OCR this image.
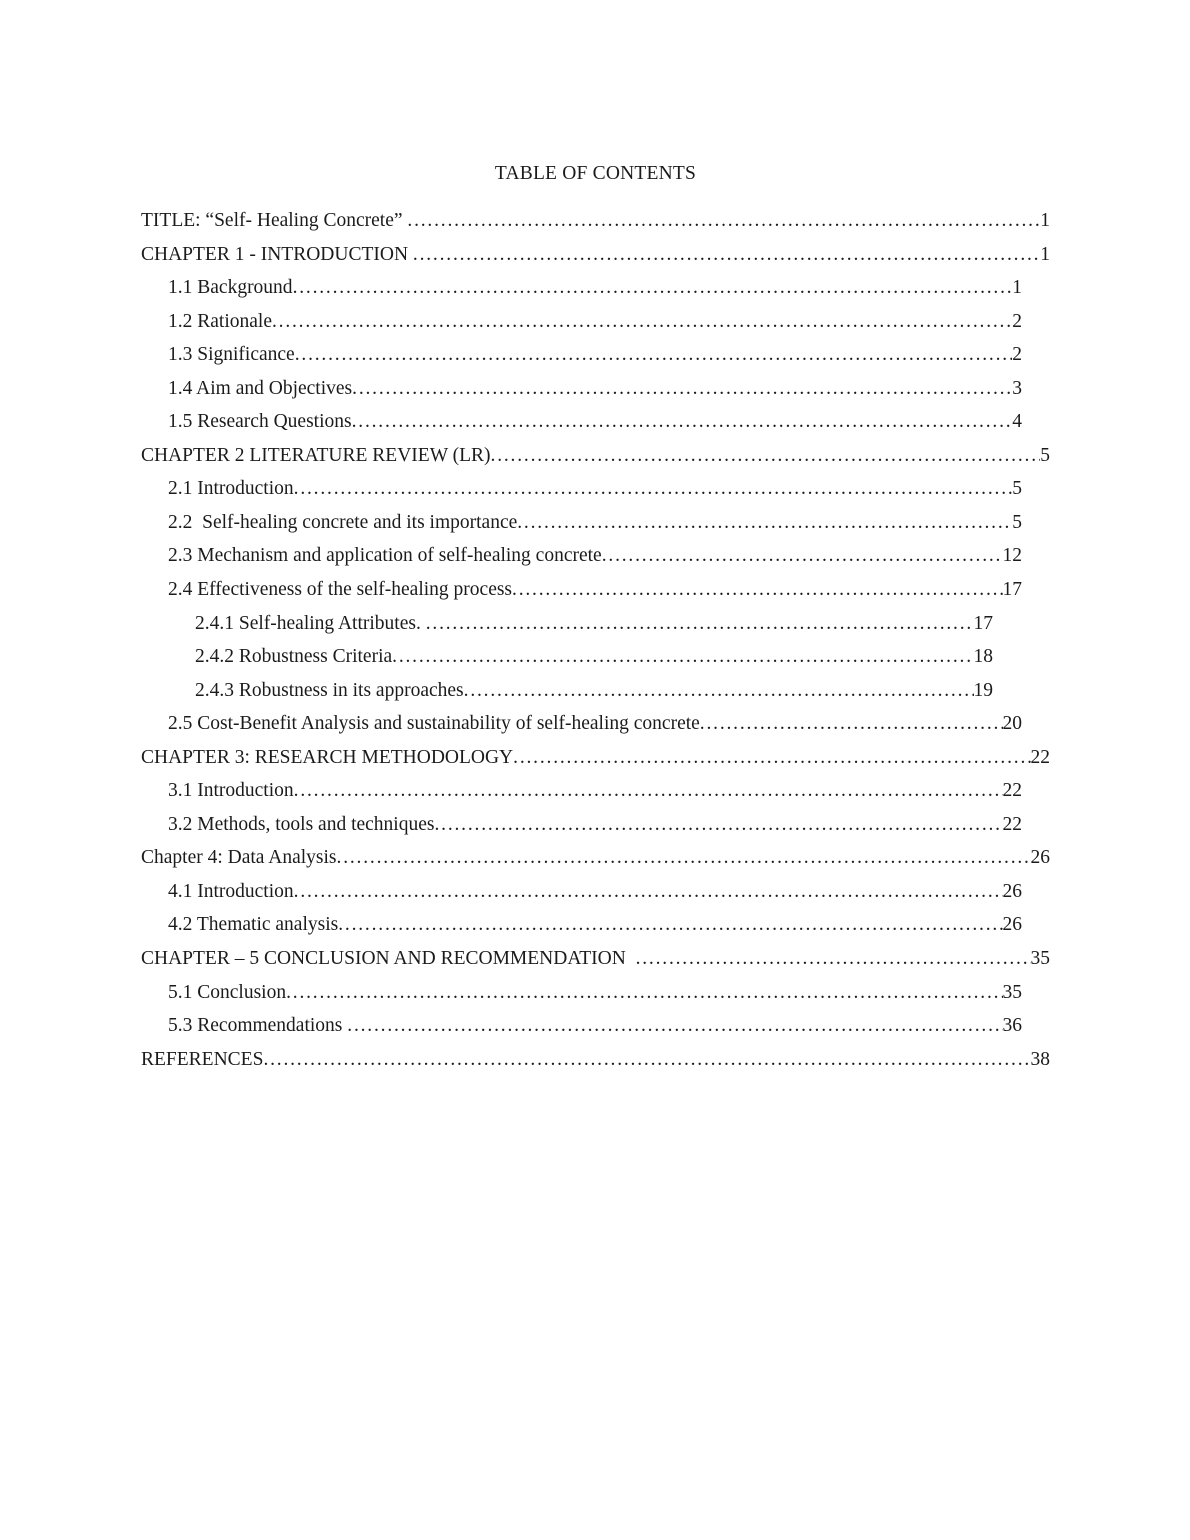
TABLE OF CONTENTS
TITLE: “Self- Healing Concrete” .....	1
CHAPTER 1 - INTRODUCTION .....	1
1.1 Background .....	1
1.2 Rationale .....	2
1.3 Significance .....	2
1.4 Aim and Objectives .....	3
1.5 Research Questions .....	4
CHAPTER 2 LITERATURE REVIEW (LR) .....	5
2.1 Introduction .....	5
2.2  Self-healing concrete and its importance .....	5
2.3 Mechanism and application of self-healing concrete .....	12
2.4 Effectiveness of the self-healing process .....	17
2.4.1 Self-healing Attributes. .....	17
2.4.2 Robustness Criteria .....	18
2.4.3 Robustness in its approaches .....	19
2.5 Cost-Benefit Analysis and sustainability of self-healing concrete .....	20
CHAPTER 3: RESEARCH METHODOLOGY .....	22
3.1 Introduction .....	22
3.2 Methods, tools and techniques .....	22
Chapter 4: Data Analysis .....	26
4.1 Introduction .....	26
4.2 Thematic analysis .....	26
CHAPTER – 5 CONCLUSION AND RECOMMENDATION .....	35
5.1 Conclusion .....	35
5.3 Recommendations .....	36
REFERENCES .....	38
